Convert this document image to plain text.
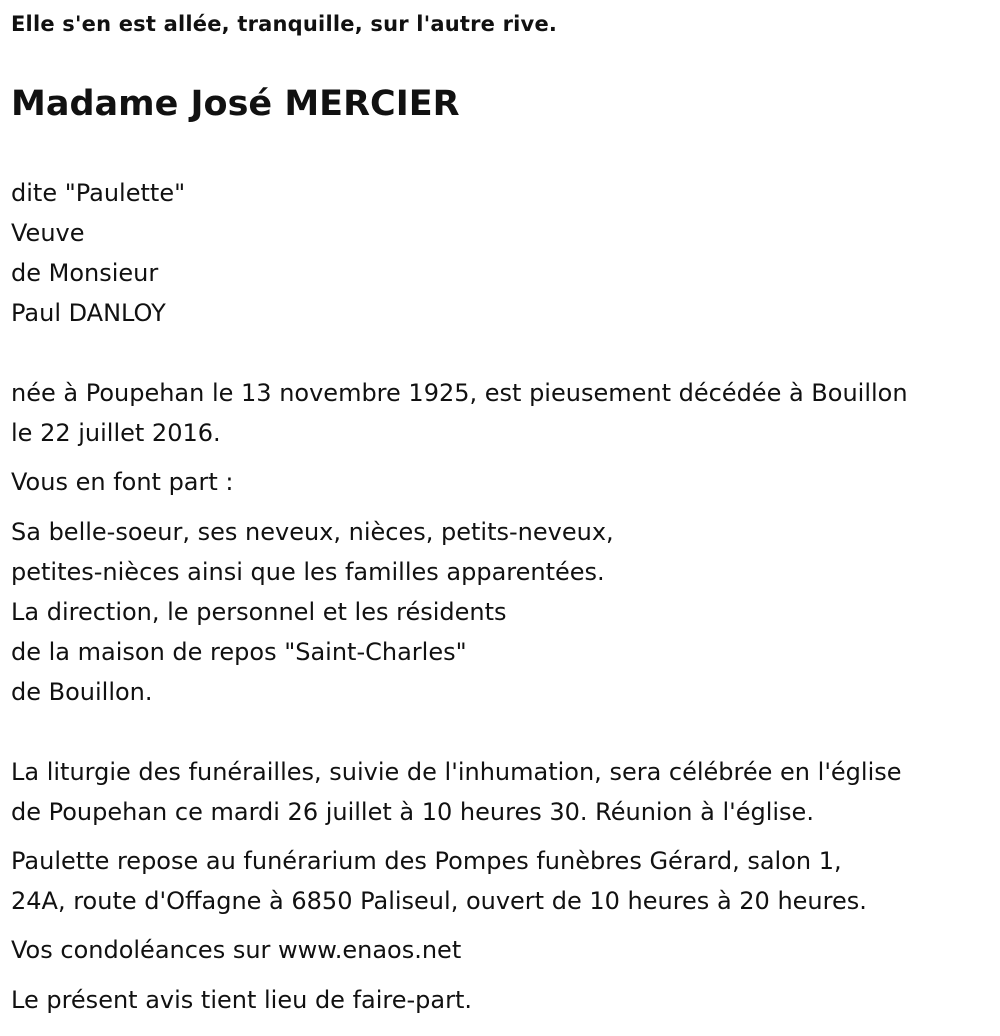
Elle s'en est allée, tranquille, sur l'autre rive.
Madame José MERCIER
dite "Paulette"
Veuve
de Monsieur
Paul DANLOY
née à Poupehan le 13 novembre 1925, est pieusement décédée à Bouillon
le 22 juillet 2016.
Vous en font part :
Sa belle-soeur, ses neveux, nièces, petits-neveux,
petites-nièces ainsi que les familles apparentées.
La direction, le personnel et les résidents
de la maison de repos "Saint-Charles"
de Bouillon.
La liturgie des funérailles, suivie de l'inhumation, sera célébrée en l'église
de Poupehan ce mardi 26 juillet à 10 heures 30. Réunion à l'église.
Paulette repose au funérarium des Pompes funèbres Gérard, salon 1,
24A, route d'Offagne à 6850 Paliseul, ouvert de 10 heures à 20 heures.
Vos condoléances sur www.enaos.net
Le présent avis tient lieu de faire-part.
